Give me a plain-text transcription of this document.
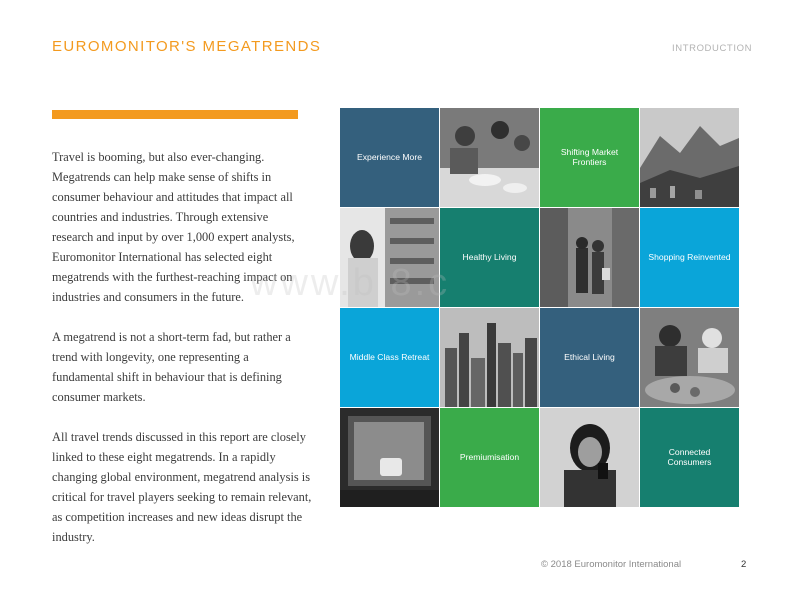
EUROMONITOR'S MEGATRENDS	INTRODUCTION

Travel is booming, but also ever-changing. Megatrends can help make sense of shifts in consumer behaviour and attitudes that impact all countries and industries. Through extensive research and input by over 1,000 expert analysts, Euromonitor International has selected eight megatrends with the furthest-reaching impact on industries and consumers in the future.

A megatrend is not a short-term fad, but rather a trend with longevity, one representing a fundamental shift in behaviour that is defining consumer markets.

All travel trends discussed in this report are closely linked to these eight megatrends. In a rapidly changing global environment, megatrend analysis is critical for travel players seeking to remain relevant, as competition increases and new ideas disrupt the industry.

Experience More	Shifting Market Frontiers
Healthy Living	Shopping Reinvented
Middle Class Retreat	Ethical Living
Premiumisation	Connected Consumers
www.b 8.c
© 2018 Euromonitor International	2
